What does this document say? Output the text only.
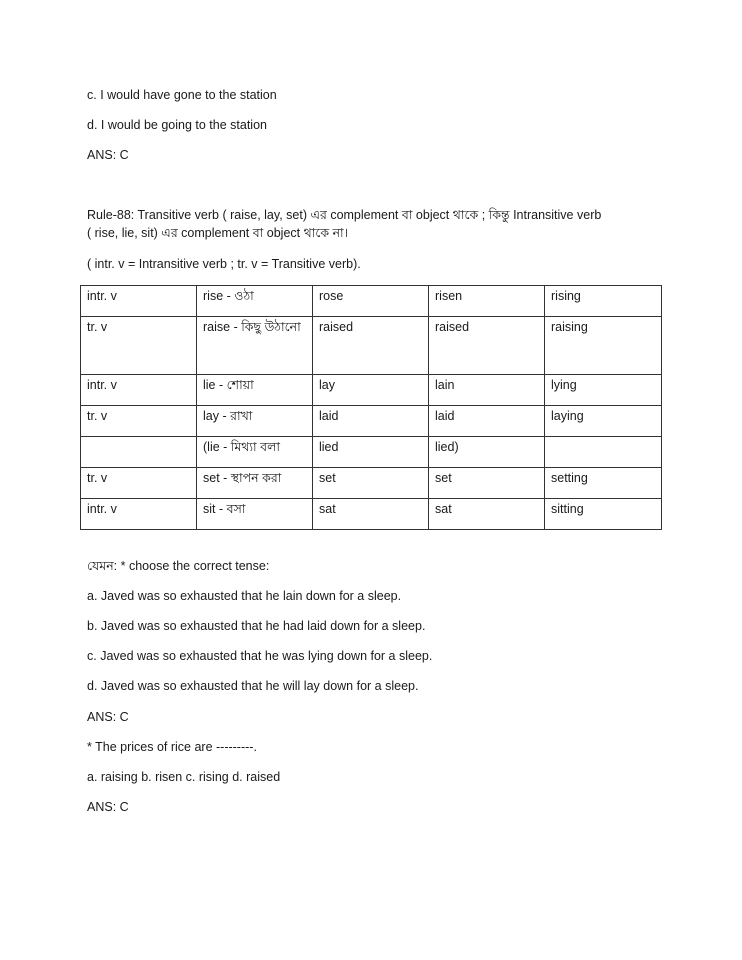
c. I would have gone to the station
d. I would be going to the station
ANS: C
Rule-88: Transitive verb ( raise, lay, set) এর complement বা object থাকে ; কিন্তু Intransitive verb
( rise, lie, sit) এর complement বা object থাকে না।
( intr. v = Intransitive verb ; tr. v = Transitive verb).
intr. v	rise - ওঠা	rose	risen	rising
tr. v	raise - কিছু উঠানো	raised	raised	raising
intr. v	lie - শোয়া	lay	lain	lying
tr. v	lay - রাখা	laid	laid	laying
	(lie - মিথ্যা বলা	lied	lied)	
tr. v	set - স্থাপন করা	set	set	setting
intr. v	sit - বসা	sat	sat	sitting
যেমন: * choose the correct tense:
a. Javed was so exhausted that he lain down for a sleep.
b. Javed was so exhausted that he had laid down for a sleep.
c. Javed was so exhausted that he was lying down for a sleep.
d. Javed was so exhausted that he will lay down for a sleep.
ANS: C
* The prices of rice are ---------.
a. raising b. risen c. rising d. raised
ANS: C
